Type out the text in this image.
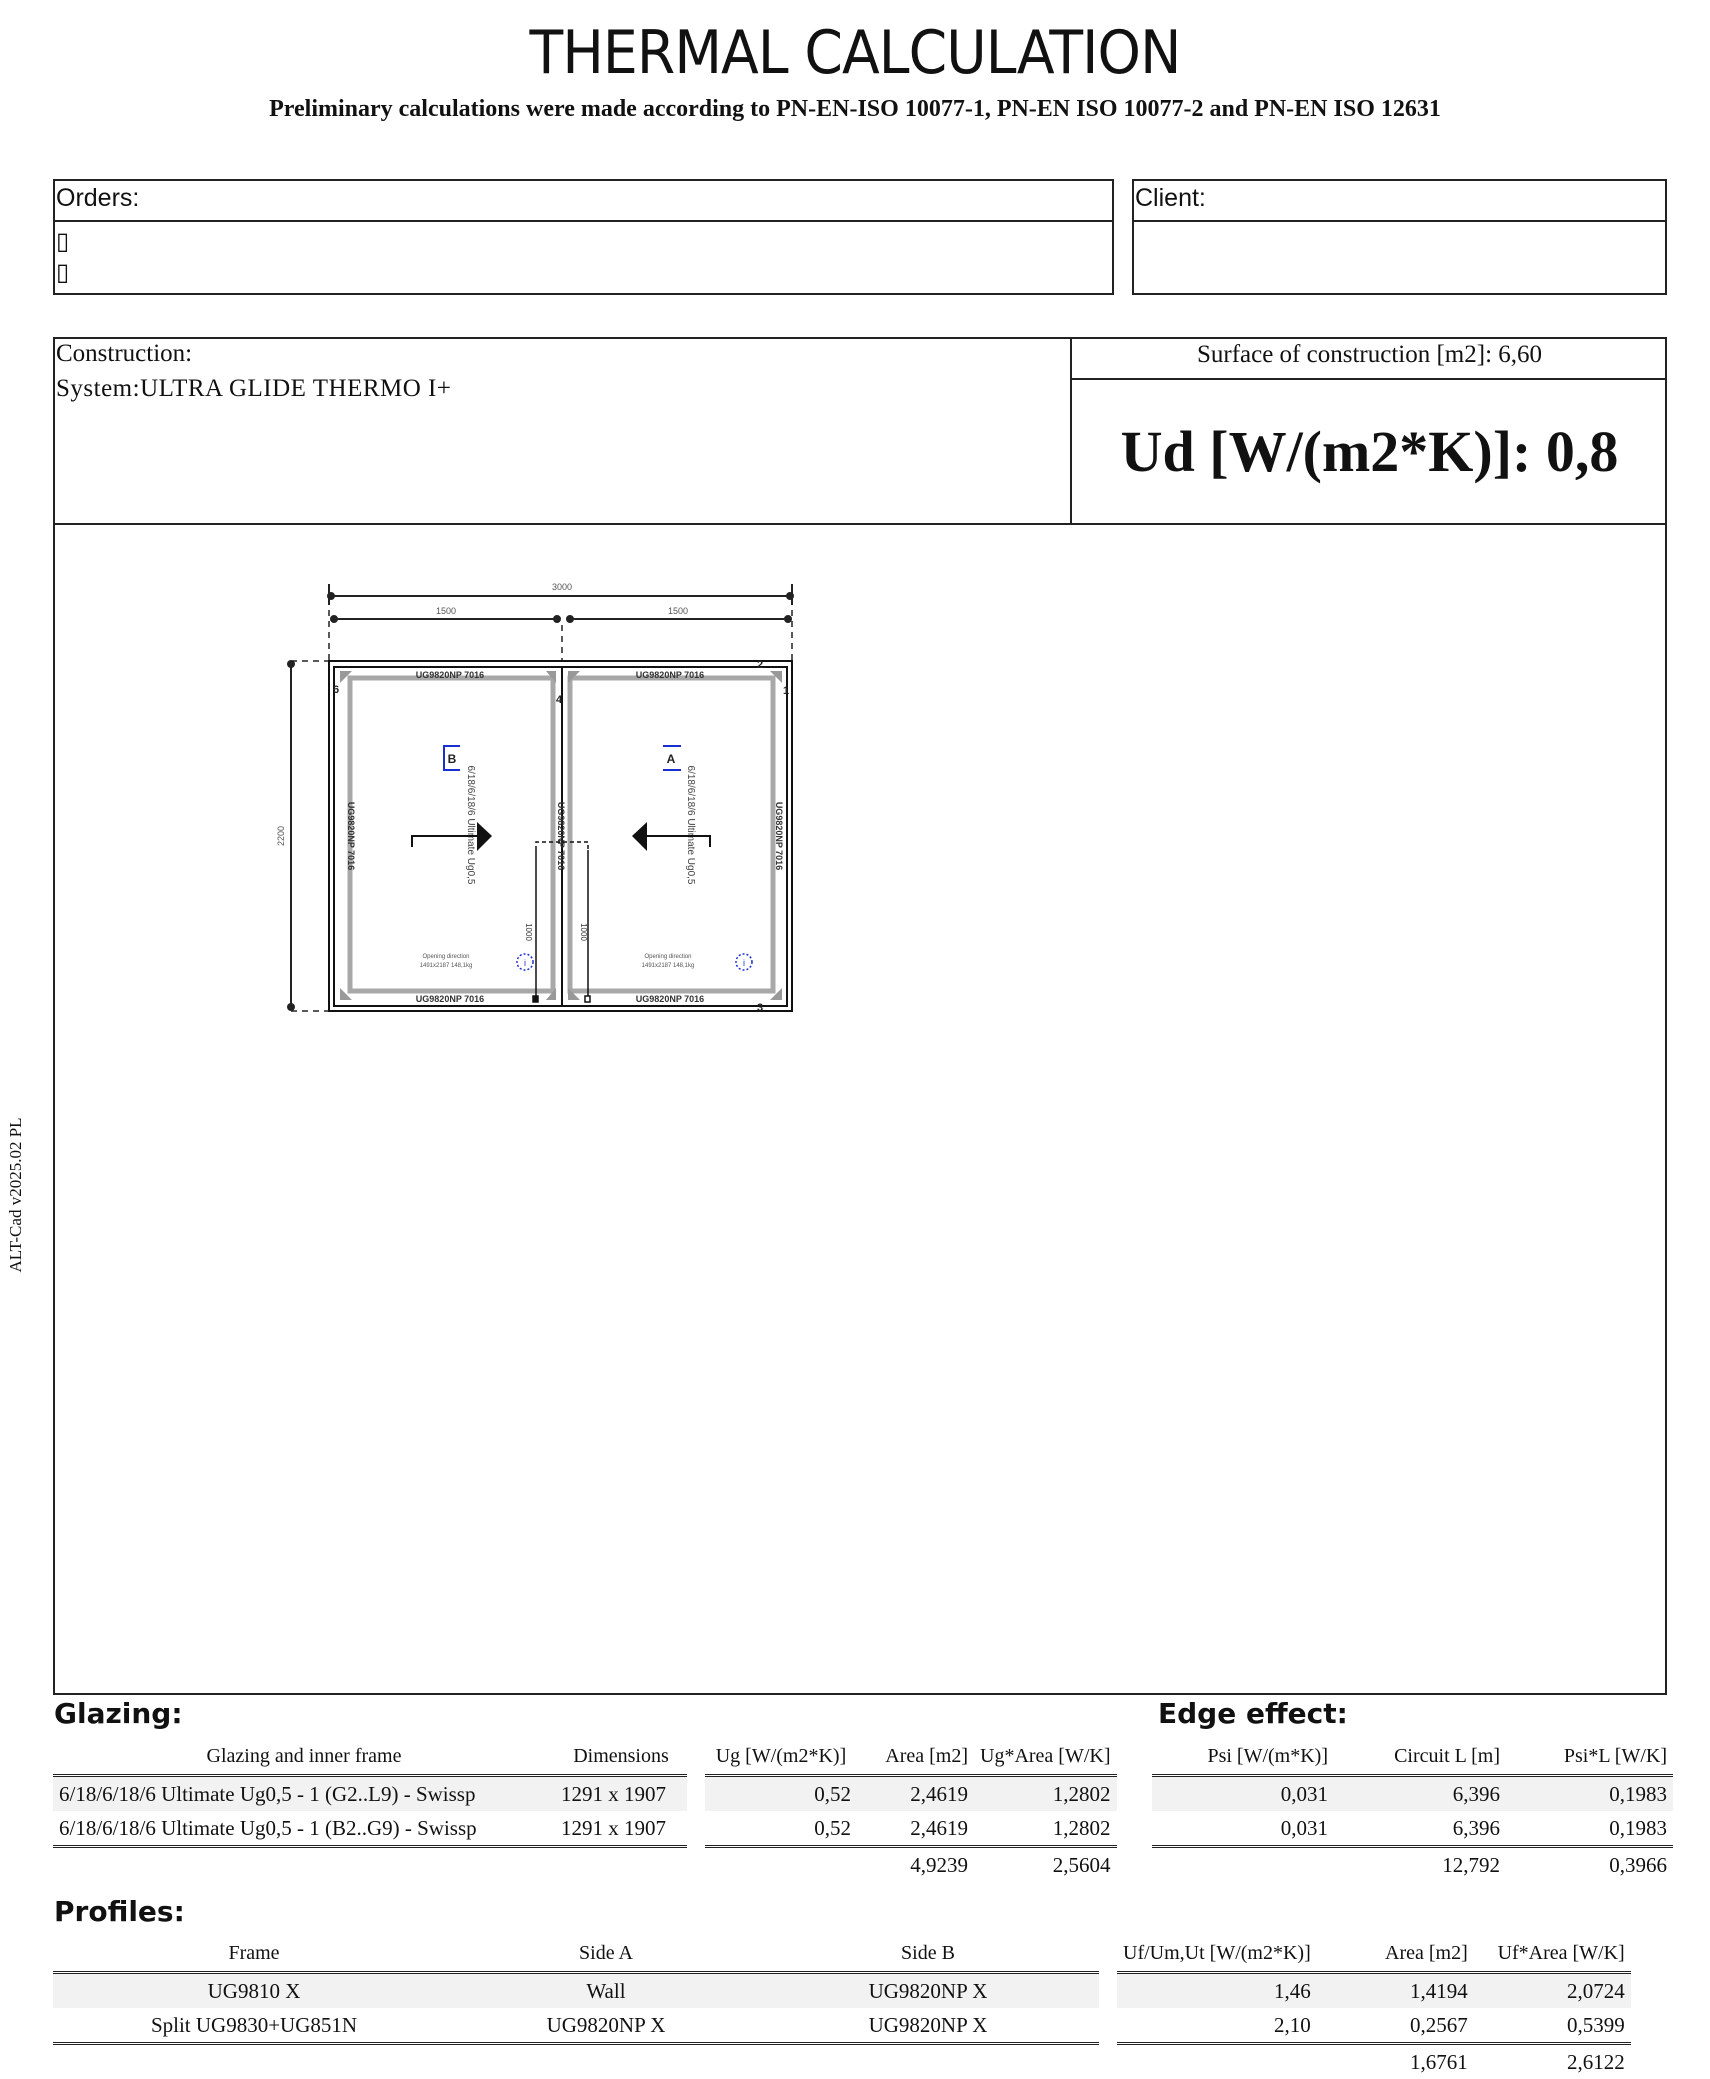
THERMAL CALCULATION
Preliminary calculations were made according to PN-EN-ISO 10077-1, PN-EN ISO 10077-2 and PN-EN ISO 12631
Orders:
▯
▯
Client:
Construction:
System:ULTRA GLIDE THERMO I+
Surface of construction [m2]: 6,60
Ud [W/(m2*K)]: 0,8
ALT-Cad v2025.02 PL
3000
1500	1500
2200
UG9820NP 7016	UG9820NP 7016
UG9820NP 7016	UG9820NP 7016
UG9820NP 7016	UG9820NP 7016	UG9820NP 7016
6
4
1
2
3
6/18/6/18/6 Ultimate Ug0,5	6/18/6/18/6 Ultimate Ug0,5
B	A
1000	1000
Opening direction
1491x2187 148,1kg
Opening direction
1491x2187 148,1kg
i	i
Glazing:
Glazing and inner frame	Dimensions		Ug [W/(m2*K)]	Area [m2]	Ug*Area [W/K]
6/18/6/18/6 Ultimate Ug0,5 - 1 (G2..L9) - Swissp	1291 x 1907		0,52	2,4619	1,2802
6/18/6/18/6 Ultimate Ug0,5 - 1 (B2..G9) - Swissp	1291 x 1907		0,52	2,4619	1,2802
				4,9239	2,5604
Edge effect:
Psi [W/(m*K)]	Circuit L [m]	Psi*L [W/K]
0,031	6,396	0,1983
0,031	6,396	0,1983
	12,792	0,3966
Profiles:
Frame	Side A	Side B		Uf/Um,Ut [W/(m2*K)]	Area [m2]	Uf*Area [W/K]
UG9810 X	Wall	UG9820NP X		1,46	1,4194	2,0724
Split UG9830+UG851N	UG9820NP X	UG9820NP X		2,10	0,2567	0,5399
					1,6761	2,6122
